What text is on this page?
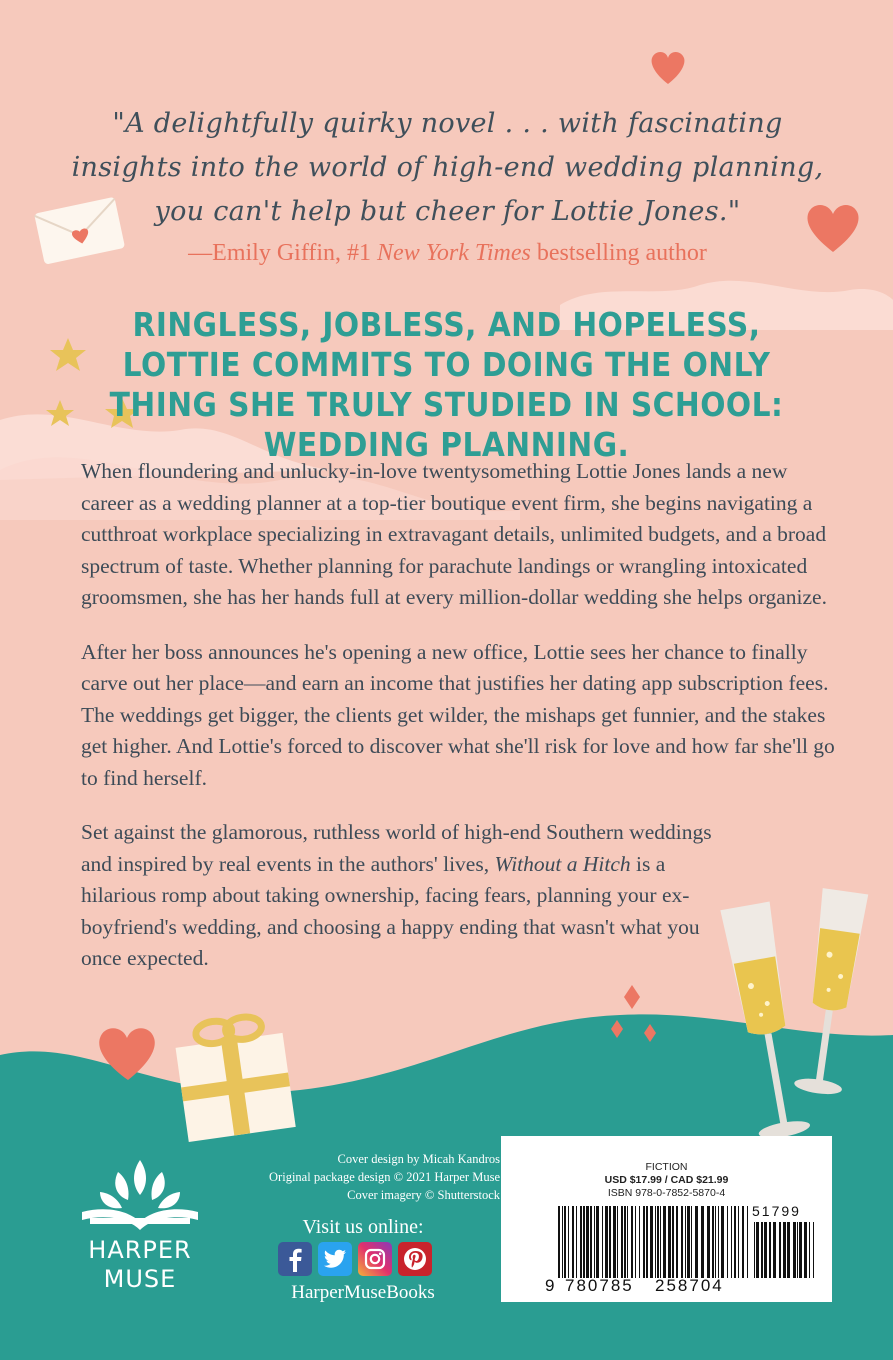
"A delightfully quirky novel . . . with fascinating insights into the world of high-end wedding planning, you can't help but cheer for Lottie Jones."
—Emily Giffin, #1 New York Times bestselling author
RINGLESS, JOBLESS, AND HOPELESS, LOTTIE COMMITS TO DOING THE ONLY THING SHE TRULY STUDIED IN SCHOOL: WEDDING PLANNING.

When floundering and unlucky-in-love twentysomething Lottie Jones lands a new career as a wedding planner at a top-tier boutique event firm, she begins navigating a cutthroat workplace specializing in extravagant details, unlimited budgets, and a broad spectrum of taste. Whether planning for parachute landings or wrangling intoxicated groomsmen, she has her hands full at every million-dollar wedding she helps organize.

After her boss announces he's opening a new office, Lottie sees her chance to finally carve out her place—and earn an income that justifies her dating app subscription fees. The weddings get bigger, the clients get wilder, the mishaps get funnier, and the stakes get higher. And Lottie's forced to discover what she'll risk for love and how far she'll go to find herself.

Set against the glamorous, ruthless world of high-end Southern weddings and inspired by real events in the authors' lives, Without a Hitch is a hilarious romp about taking ownership, facing fears, planning your ex-boyfriend's wedding, and choosing a happy ending that wasn't what you once expected.

HARPER
MUSE
Cover design by Micah Kandros
Original package design © 2021 Harper Muse
Cover imagery © Shutterstock
Visit us online:
HarperMuseBooks
FICTION
USD $17.99 / CAD $21.99
ISBN 978-0-7852-5870-4
51799
9 780785 258704
